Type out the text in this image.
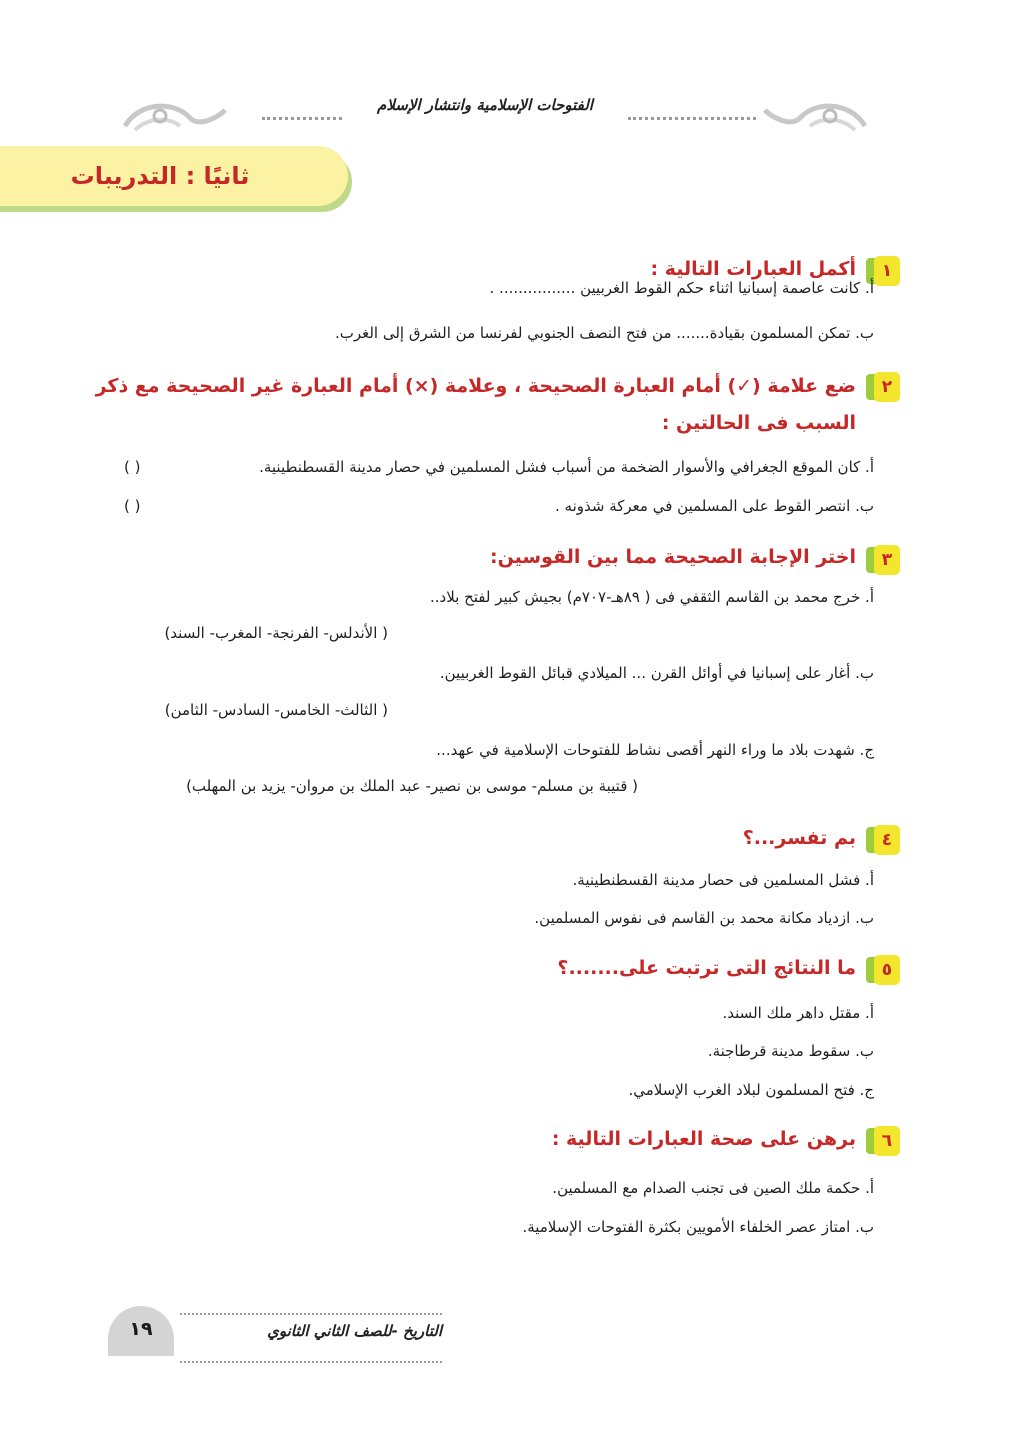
الفتوحات الإسلامية وانتشار الإسلام
ثانيًا : التدريبات
١
أكمل العبارات التالية :
أ. كانت عاصمة إسبانيا اثناء حكم القوط الغربيين ................ .
ب. تمكن المسلمون بقيادة....... من فتح النصف الجنوبي لفرنسا من الشرق إلى الغرب.
٢
ضع علامة (✓) أمام العبارة الصحيحة ، وعلامة (×) أمام العبارة غير الصحيحة مع ذكر
السبب فى الحالتين :
أ. كان الموقع الجغرافي والأسوار الضخمة من أسباب فشل المسلمين في حصار مدينة القسطنطينية.
( )
ب. انتصر القوط على المسلمين في معركة شذونه .
( )
٣
اختر الإجابة الصحيحة مما بين القوسين:
أ. خرج محمد بن القاسم الثقفي فى ( ٨٩هـ-٧٠٧م) بجيش كبير لفتح بلاد..
( الأندلس- الفرنجة- المغرب- السند)
ب. أغار على إسبانيا في أوائل القرن ... الميلادي قبائل القوط الغربيين.
( الثالث- الخامس- السادس- الثامن)
ج. شهدت بلاد ما وراء النهر أقصى نشاط للفتوحات الإسلامية في عهد...
( قتيبة بن مسلم- موسى بن نصير- عبد الملك بن مروان- يزيد بن المهلب)
٤
بم تفسر...؟
أ. فشل المسلمين فى حصار مدينة القسطنطينية.
ب. ازدياد مكانة محمد بن القاسم فى نفوس المسلمين.
٥
ما النتائج التى ترتبت على.......؟
أ. مقتل داهر ملك السند.
ب. سقوط مدينة قرطاجنة.
ج. فتح المسلمون لبلاد الغرب الإسلامي.
٦
برهن على صحة العبارات التالية :
أ. حكمة ملك الصين فى تجنب الصدام مع المسلمين.
ب. امتاز عصر الخلفاء الأمويين بكثرة الفتوحات الإسلامية.
التاريخ -للصف الثاني الثانوي
١٩
